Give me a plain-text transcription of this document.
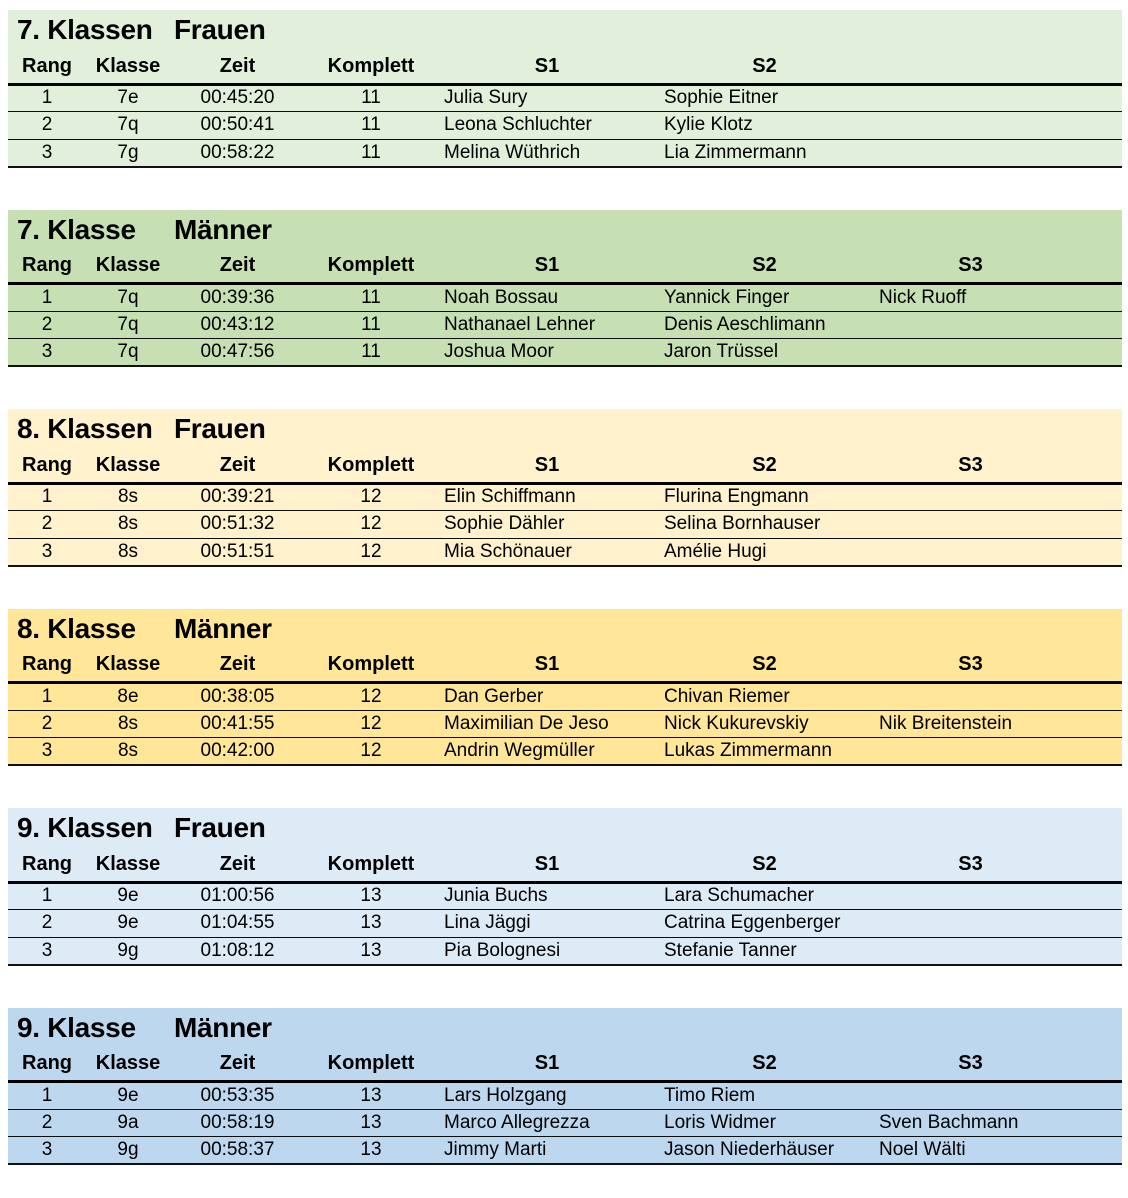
7. Klassen Frauen
Rang	Klasse	Zeit	Komplett	S1	S2		
1	7e	00:45:20	11	Julia Sury	Sophie Eitner		
2	7q	00:50:41	11	Leona Schluchter	Kylie Klotz		
3	7g	00:58:22	11	Melina Wüthrich	Lia Zimmermann		
7. Klasse	Männer
Rang	Klasse	Zeit	Komplett	S1	S2	S3	
1	7q	00:39:36	11	Noah Bossau	Yannick Finger	Nick Ruoff	
2	7q	00:43:12	11	Nathanael Lehner	Denis Aeschlimann		
3	7q	00:47:56	11	Joshua Moor	Jaron Trüssel		
8. Klassen Frauen
Rang	Klasse	Zeit	Komplett	S1	S2	S3	
1	8s	00:39:21	12	Elin Schiffmann	Flurina Engmann		
2	8s	00:51:32	12	Sophie Dähler	Selina Bornhauser		
3	8s	00:51:51	12	Mia Schönauer	Amélie Hugi		
8. Klasse	Männer
Rang	Klasse	Zeit	Komplett	S1	S2	S3	
1	8e	00:38:05	12	Dan Gerber	Chivan Riemer		
2	8s	00:41:55	12	Maximilian De Jeso	Nick Kukurevskiy	Nik Breitenstein	
3	8s	00:42:00	12	Andrin Wegmüller	Lukas Zimmermann		
9. Klassen Frauen
Rang	Klasse	Zeit	Komplett	S1	S2	S3	
1	9e	01:00:56	13	Junia Buchs	Lara Schumacher		
2	9e	01:04:55	13	Lina Jäggi	Catrina Eggenberger		
3	9g	01:08:12	13	Pia Bolognesi	Stefanie Tanner		
9. Klasse	Männer
Rang	Klasse	Zeit	Komplett	S1	S2	S3	
1	9e	00:53:35	13	Lars Holzgang	Timo Riem		
2	9a	00:58:19	13	Marco Allegrezza	Loris Widmer	Sven Bachmann	
3	9g	00:58:37	13	Jimmy Marti	Jason Niederhäuser	Noel Wälti	
